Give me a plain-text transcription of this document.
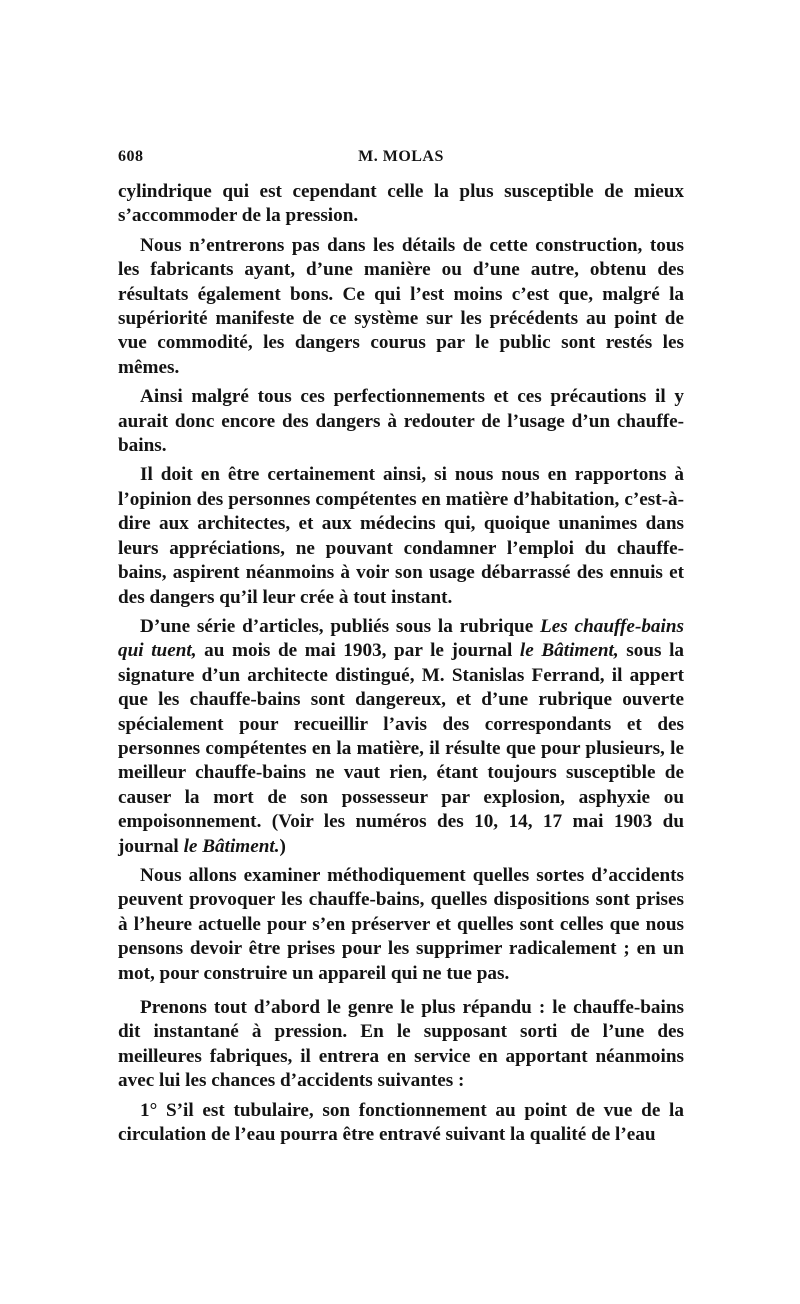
608	M. MOLAS

cylindrique qui est cependant celle la plus susceptible de mieux s’accommoder de la pression.

Nous n’entrerons pas dans les détails de cette construction, tous les fabricants ayant, d’une manière ou d’une autre, obtenu des résultats également bons. Ce qui l’est moins c’est que, malgré la supériorité manifeste de ce système sur les précédents au point de vue commodité, les dangers courus par le public sont restés les mêmes.

Ainsi malgré tous ces perfectionnements et ces précautions il y aurait donc encore des dangers à redouter de l’usage d’un chauffe-bains.

Il doit en être certainement ainsi, si nous nous en rapportons à l’opinion des personnes compétentes en matière d’habitation, c’est-à-dire aux architectes, et aux médecins qui, quoique unanimes dans leurs appréciations, ne pouvant condamner l’emploi du chauffe-bains, aspirent néanmoins à voir son usage débarrassé des ennuis et des dangers qu’il leur crée à tout instant.

D’une série d’articles, publiés sous la rubrique Les chauffe-bains qui tuent, au mois de mai 1903, par le journal le Bâtiment, sous la signature d’un architecte distingué, M. Stanislas Ferrand, il appert que les chauffe-bains sont dangereux, et d’une rubrique ouverte spécialement pour recueillir l’avis des correspondants et des personnes compétentes en la matière, il résulte que pour plusieurs, le meilleur chauffe-bains ne vaut rien, étant toujours susceptible de causer la mort de son possesseur par explosion, asphyxie ou empoisonnement. (Voir les numéros des 10, 14, 17 mai 1903 du journal le Bâtiment.)

Nous allons examiner méthodiquement quelles sortes d’accidents peuvent provoquer les chauffe-bains, quelles dispositions sont prises à l’heure actuelle pour s’en préserver et quelles sont celles que nous pensons devoir être prises pour les supprimer radicalement ; en un mot, pour construire un appareil qui ne tue pas.

Prenons tout d’abord le genre le plus répandu : le chauffe-bains dit instantané à pression. En le supposant sorti de l’une des meilleures fabriques, il entrera en service en apportant néanmoins avec lui les chances d’accidents suivantes :

1° S’il est tubulaire, son fonctionnement au point de vue de la circulation de l’eau pourra être entravé suivant la qualité de l’eau
